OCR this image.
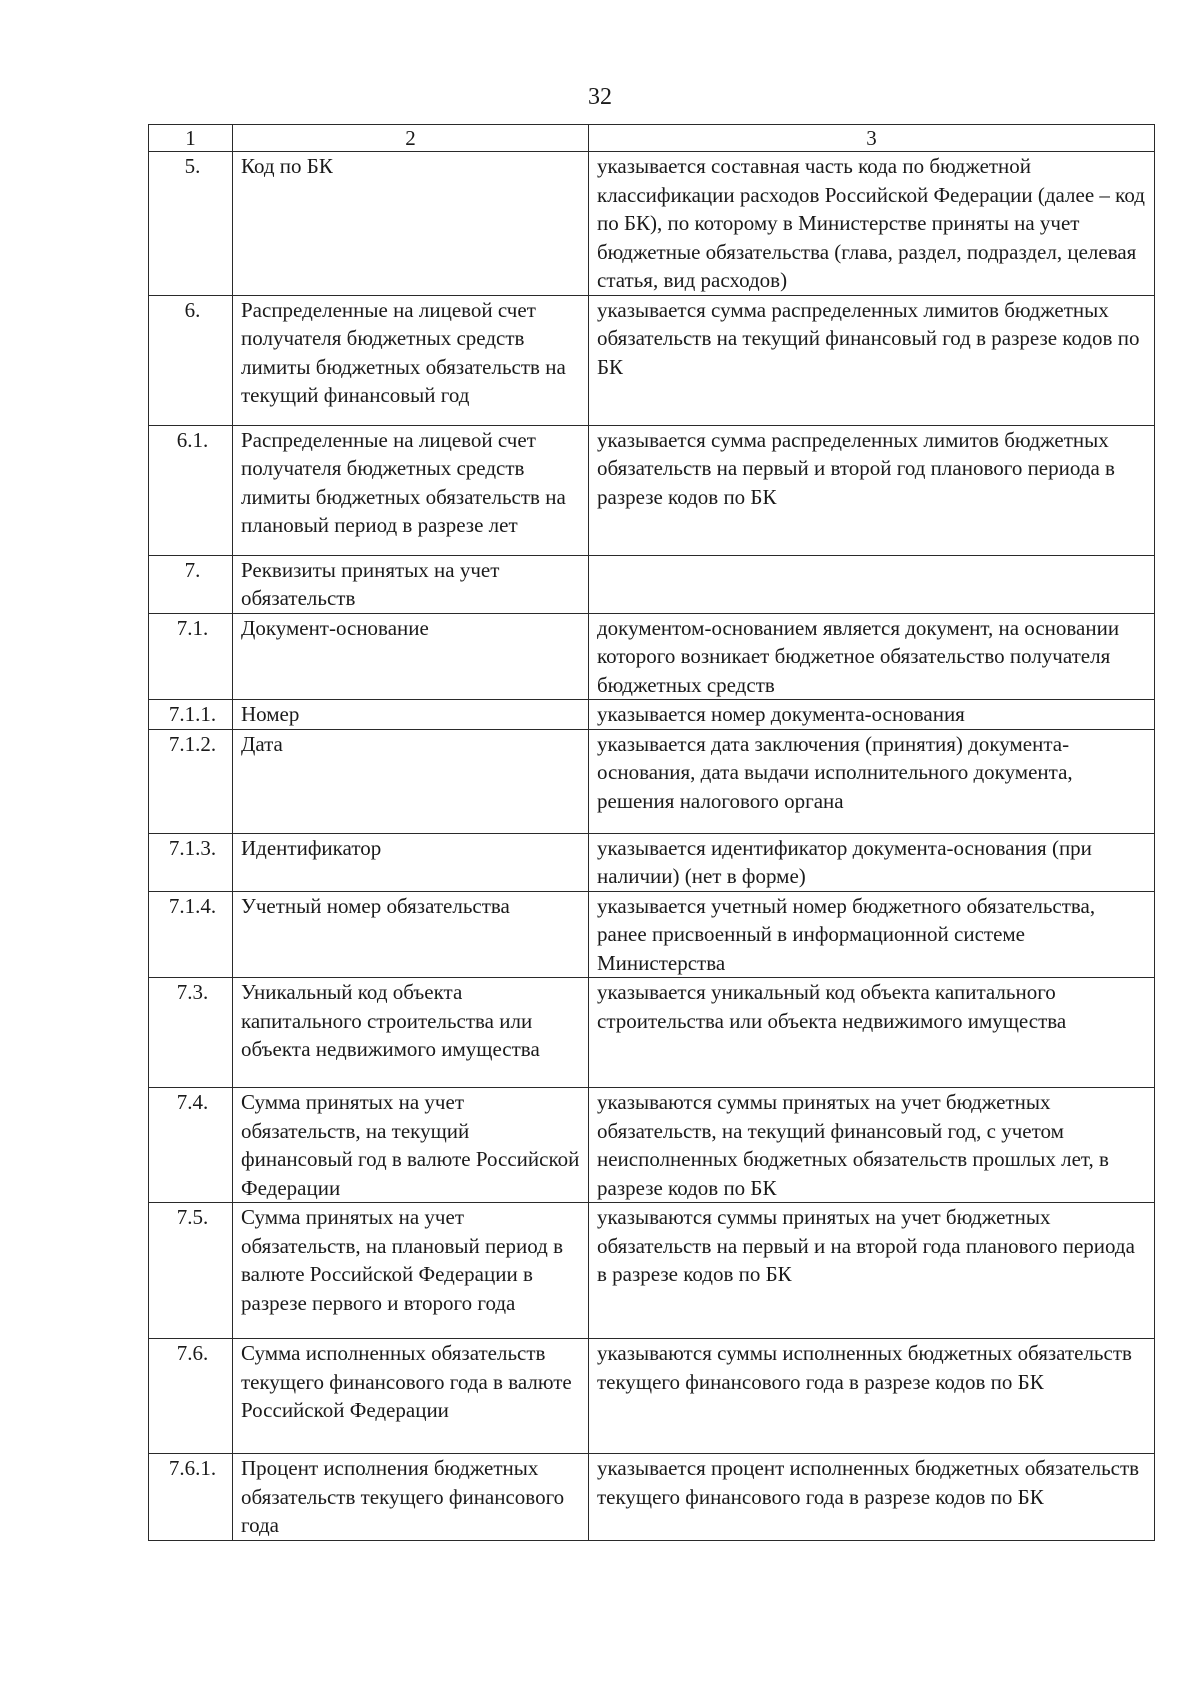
32
1	2	3
5.	Код по БК	указывается составная часть кода по бюджетной классификации расходов Российской Федерации (далее – код по БК), по которому в Министерстве приняты на учет бюджетные обязательства (глава, раздел, подраздел, целевая статья, вид расходов)
6.	Распределенные на лицевой счет получателя бюджетных средств лимиты бюджетных обязательств на текущий финансовый год	указывается сумма распределенных лимитов бюджетных обязательств на текущий финансовый год в разрезе кодов по БК
6.1.	Распределенные на лицевой счет получателя бюджетных средств лимиты бюджетных обязательств на плановый период в разрезе лет	указывается сумма распределенных лимитов бюджетных обязательств на первый и второй год планового периода в разрезе кодов по БК
7.	Реквизиты принятых на учет обязательств	
7.1.	Документ-основание	документом-основанием является документ, на основании которого возникает бюджетное обязательство получателя бюджетных средств
7.1.1.	Номер	указывается номер документа-основания
7.1.2.	Дата	указывается дата заключения (принятия) документа-основания, дата выдачи исполнительного документа, решения налогового органа
7.1.3.	Идентификатор	указывается идентификатор документа-основания (при наличии) (нет в форме)
7.1.4.	Учетный номер обязательства	указывается учетный номер бюджетного обязательства, ранее присвоенный в информационной системе Министерства
7.3.	Уникальный код объекта капитального строительства или объекта недвижимого имущества	указывается уникальный код объекта капитального строительства или объекта недвижимого имущества
7.4.	Сумма принятых на учет обязательств, на текущий финансовый год в валюте Российской Федерации	указываются суммы принятых на учет бюджетных обязательств, на текущий финансовый год, с учетом неисполненных бюджетных обязательств прошлых лет, в разрезе кодов по БК
7.5.	Сумма принятых на учет обязательств, на плановый период в валюте Российской Федерации в разрезе первого и второго года	указываются суммы принятых на учет бюджетных обязательств на первый и на второй года планового периода в разрезе кодов по БК
7.6.	Сумма исполненных обязательств текущего финансового года в валюте Российской Федерации	указываются суммы исполненных бюджетных обязательств текущего финансового года в разрезе кодов по БК
7.6.1.	Процент исполнения бюджетных обязательств текущего финансового года	указывается процент исполненных бюджетных обязательств текущего финансового года в разрезе кодов по БК
